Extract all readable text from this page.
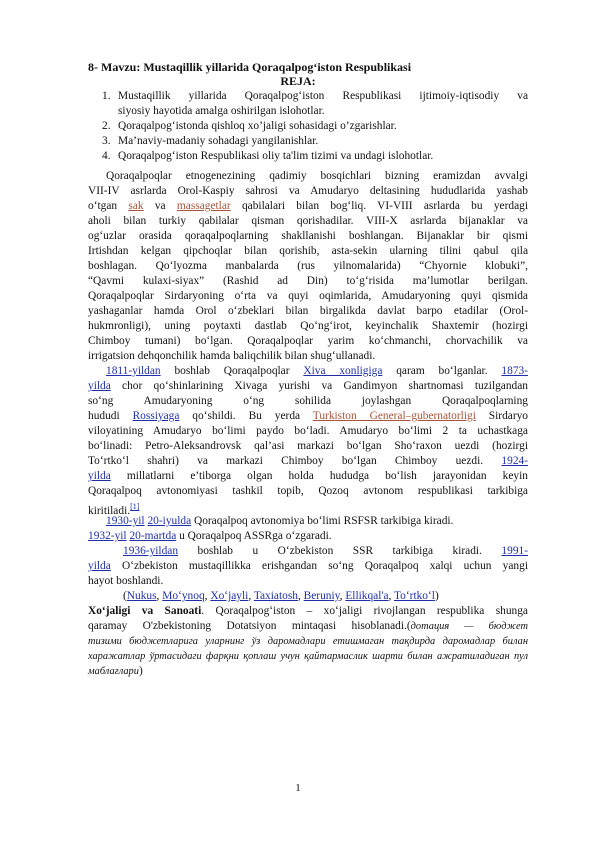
8- Mavzu: Mustaqillik yillarida Qoraqalpog‘iston Respublikasi
REJA:
1. Mustaqillik yillarida Qoraqalpog‘iston Respublikasi ijtimoiy-iqtisodiy va
siyosiy hayotida amalga oshirilgan islohotlar.
2. Qoraqalpog‘istonda qishloq xo’jaligi sohasidagi o’zgarishlar.
3. Ma’naviy-madaniy sohadagi yangilanishlar.
4. Qoraqalpog‘iston Respublikasi oliy ta'lim tizimi va undagi islohotlar.
Qoraqalpoqlar etnogenezining qadimiy bosqichlari bizning eramizdan avvalgi
VII-IV asrlarda Orol-Kaspiy sahrosi va Amudaryo deltasining hududlarida yashab
o‘tgan sak va massagetlar qabilalari bilan bog‘liq. VI-VIII asrlarda bu yerdagi
aholi bilan turkiy qabilalar qisman qorishadilar. VIII-X asrlarda bijanaklar va
og‘uzlar orasida qoraqalpoqlarning shakllanishi boshlangan. Bijanaklar bir qismi
Irtishdan kelgan qipchoqlar bilan qorishib, asta-sekin ularning tilini qabul qila
boshlagan. Qo‘lyozma manbalarda (rus yilnomalarida) “Chyornie klobuki”,
“Qavmi kulaxi-siyax” (Rashid ad Din) to‘g‘risida ma’lumotlar berilgan.
Qoraqalpoqlar Sirdaryoning o‘rta va quyi oqimlarida, Amudaryoning quyi qismida
yashaganlar hamda Orol o‘zbeklari bilan birgalikda davlat barpo etadilar (Orol-
hukmronligi), uning poytaxti dastlab Qo‘ng‘irot, keyinchalik Shaxtemir (hozirgi
Chimboy tumani) bo‘lgan. Qoraqalpoqlar yarim ko‘chmanchi, chorvachilik va
irrigatsion dehqonchilik hamda baliqchilik bilan shug‘ullanadi.
1811-yildan boshlab Qoraqalpoqlar Xiva xonligiga qaram bo‘lganlar. 1873-
yilda chor qo‘shinlarining Xivaga yurishi va Gandimyon shartnomasi tuzilgandan
so‘ng Amudaryoning o‘ng sohilida joylashgan Qoraqalpoqlarning
hududi Rossiyaga qo‘shildi. Bu yerda Turkiston General–gubernatorligi Sirdaryo
viloyatining Amudaryo bo‘limi paydo bo‘ladi. Amudaryo bo‘limi 2 ta uchastkaga
bo‘linadi: Petro-Aleksandrovsk qal’asi markazi bo‘lgan Sho‘raxon uezdi (hozirgi
To‘rtko‘l shahri) va markazi Chimboy bo‘lgan Chimboy uezdi. 1924-
yilda millatlarni e’tiborga olgan holda hududga bo‘lish jarayonidan keyin
Qoraqalpoq avtonomiyasi tashkil topib, Qozoq avtonom respublikasi tarkibiga
kiritiladi.[1]
1930-yil 20-iyulda Qoraqalpoq avtonomiya bo‘limi RSFSR tarkibiga kiradi.
1932-yil 20-martda u Qoraqalpoq ASSRga o‘zgaradi.
1936-yildan boshlab u O‘zbekiston SSR tarkibiga kiradi. 1991-
yilda O‘zbekiston mustaqillikka erishgandan so‘ng Qoraqalpoq xalqi uchun yangi
hayot boshlandi.
(Nukus, Mo‘ynoq, Xo‘jayli, Taxiatosh, Beruniy, Ellikqal'a, To‘rtko‘l)
Xo‘jaligi va Sanoati. Qoraqalpog‘iston – xo‘jaligi rivojlangan respublika shunga
qaramay O'zbekistoning Dotatsiyon mintaqasi hisoblanadi.(дотация — бюджет
тизими бюджетларига уларнинг ўз даромадлари етишмаган тақдирда даромадлар билан
харажатлар ўртасидаги фарқни қоплаш учун қайтармаслик шарти билан ажратиладиган пул
маблағлари)
1
